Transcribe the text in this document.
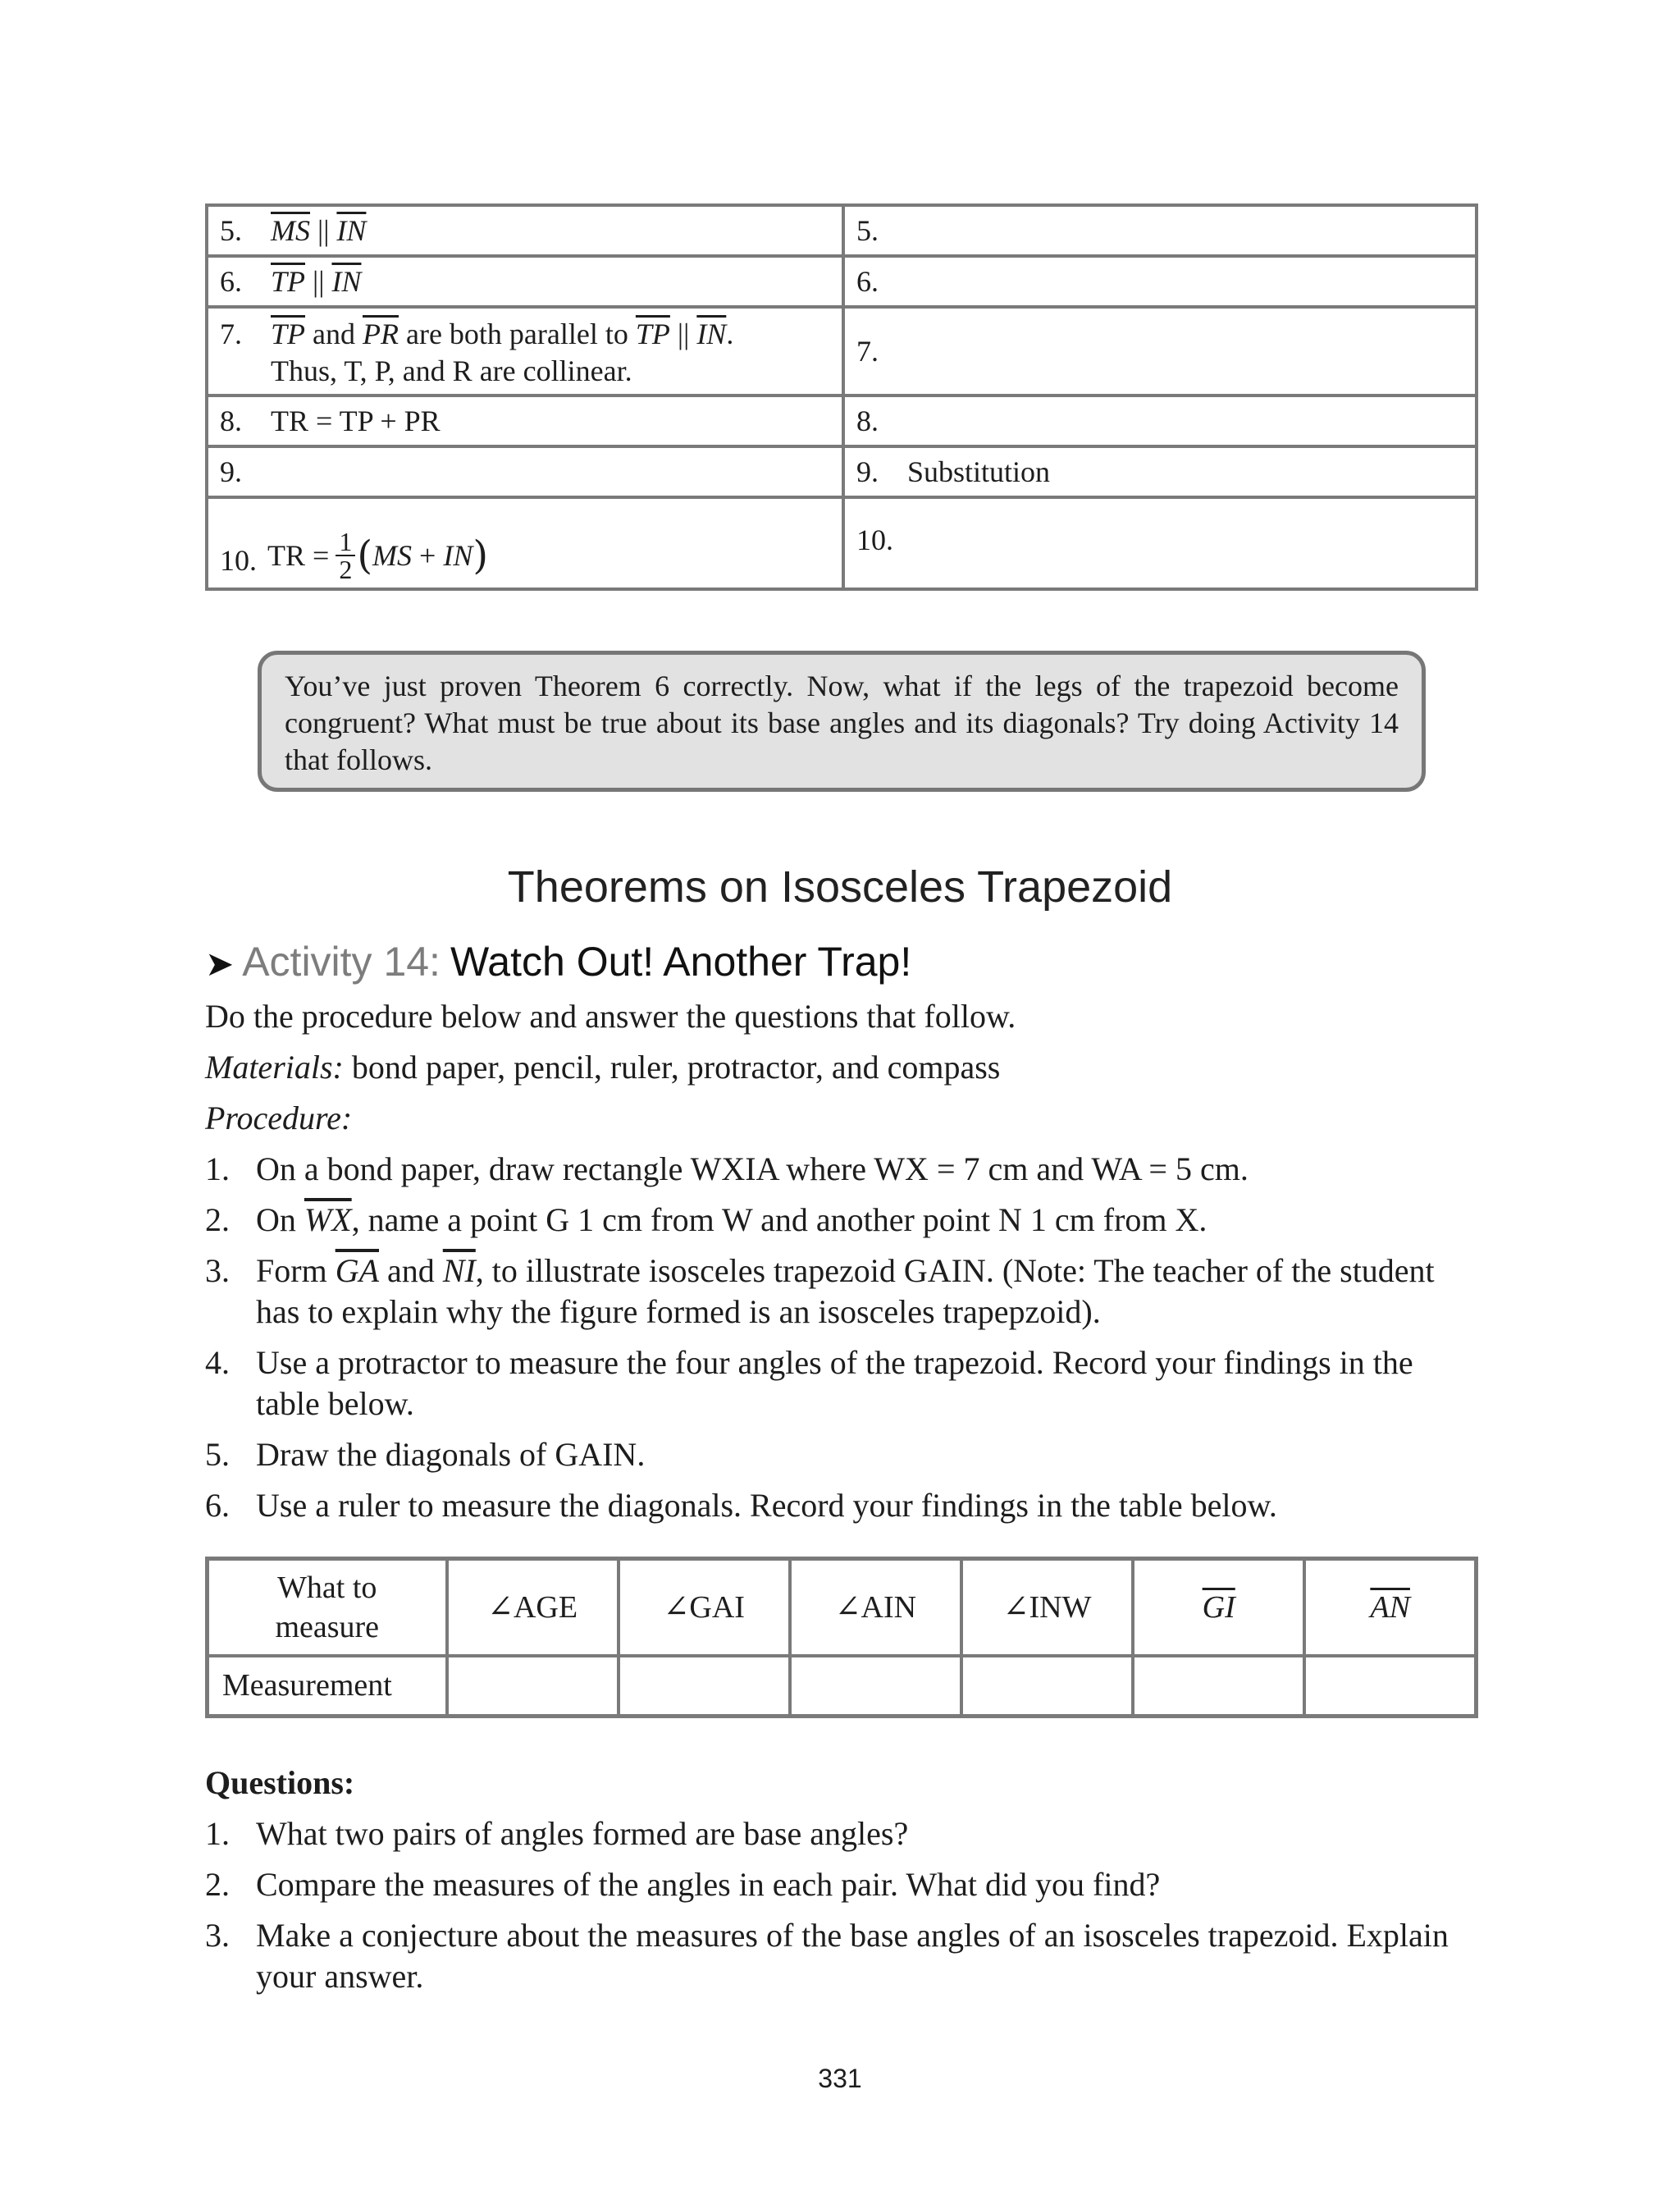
5. $\overline{MS}$ || $\overline{IN}$	5.
6. $\overline{TP}$ || $\overline{IN}$	6.
7. $\overline{TP}$ and $\overline{PR}$ are both parallel to $\overline{TP}$ || $\overline{IN}$.
Thus, T, P, and R are collinear.
7.
8. TR = TP + PR	8.
9.	9. Substitution
10. TR = $\frac{1}{2}$ ( MS + IN )	10.
You’ve just proven Theorem 6 correctly. Now, what if the legs of the trapezoid become congruent? What must be true about its base angles and its diagonals? Try doing Activity 14 that follows.
Theorems on Isosceles Trapezoid
➤ Activity 14: Watch Out! Another Trap!
Do the procedure below and answer the questions that follow.
Materials: bond paper, pencil, ruler, protractor, and compass
Procedure:
1. On a bond paper, draw rectangle WXIA where WX = 7 cm and WA = 5 cm.
2. On $\overline{WX}$, name a point G 1 cm from W and another point N 1 cm from X.
3. Form $\overline{GA}$ and $\overline{NI}$, to illustrate isosceles trapezoid GAIN. (Note: The teacher of the student has to explain why the figure formed is an isosceles trapepzoid).
4. Use a protractor to measure the four angles of the trapezoid. Record your findings in the table below.
5. Draw the diagonals of GAIN.
6. Use a ruler to measure the diagonals. Record your findings in the table below.
What to
measure	∠AGE	∠GAI	∠AIN	∠INW	$\overline{GI}$	$\overline{AN}$
Measurement						
Questions:
1. What two pairs of angles formed are base angles?
2. Compare the measures of the angles in each pair. What did you find?
3. Make a conjecture about the measures of the base angles of an isosceles trapezoid. Explain your answer.
331
